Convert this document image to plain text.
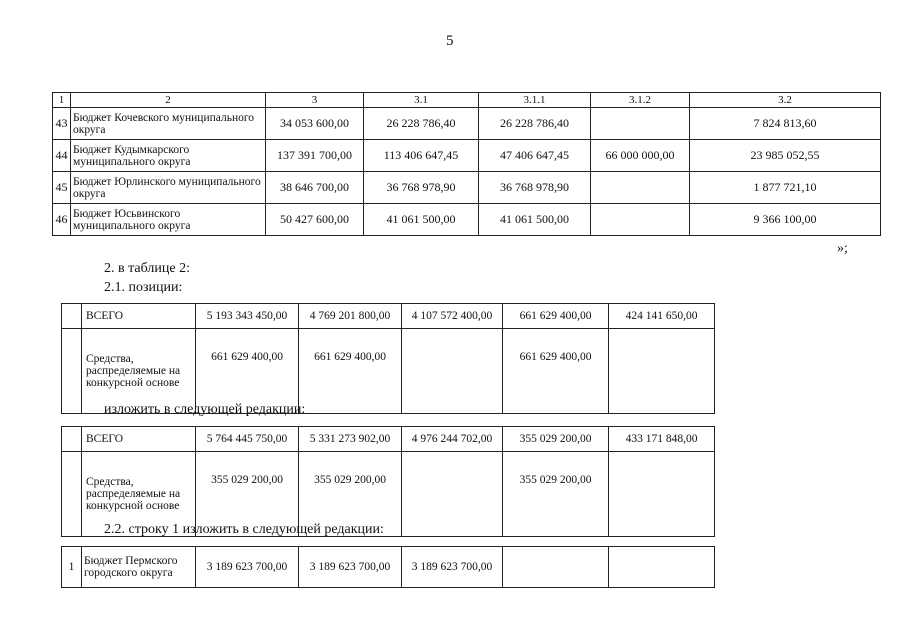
5
1	2	3	3.1	3.1.1	3.1.2	3.2
43	Бюджет Кочевского муниципального округа	34 053 600,00	26 228 786,40	26 228 786,40		7 824 813,60
44	Бюджет Кудымкарского муниципального округа	137 391 700,00	113 406 647,45	47 406 647,45	66 000 000,00	23 985 052,55
45	Бюджет Юрлинского муниципального округа	38 646 700,00	36 768 978,90	36 768 978,90		1 877 721,10
46	Бюджет Юсьвинского муниципального округа	50 427 600,00	41 061 500,00	41 061 500,00		9 366 100,00
»;
2. в таблице 2:
2.1. позиции:
	ВСЕГО	5 193 343 450,00	4 769 201 800,00	4 107 572 400,00	661 629 400,00	424 141 650,00
	Средства, распределяемые на конкурсной основе	661 629 400,00	661 629 400,00		661 629 400,00	
изложить в следующей редакции:
	ВСЕГО	5 764 445 750,00	5 331 273 902,00	4 976 244 702,00	355 029 200,00	433 171 848,00
	Средства, распределяемые на конкурсной основе	355 029 200,00	355 029 200,00		355 029 200,00	
2.2. строку 1 изложить в следующей редакции:
1	Бюджет Пермского городского округа	3 189 623 700,00	3 189 623 700,00	3 189 623 700,00		
